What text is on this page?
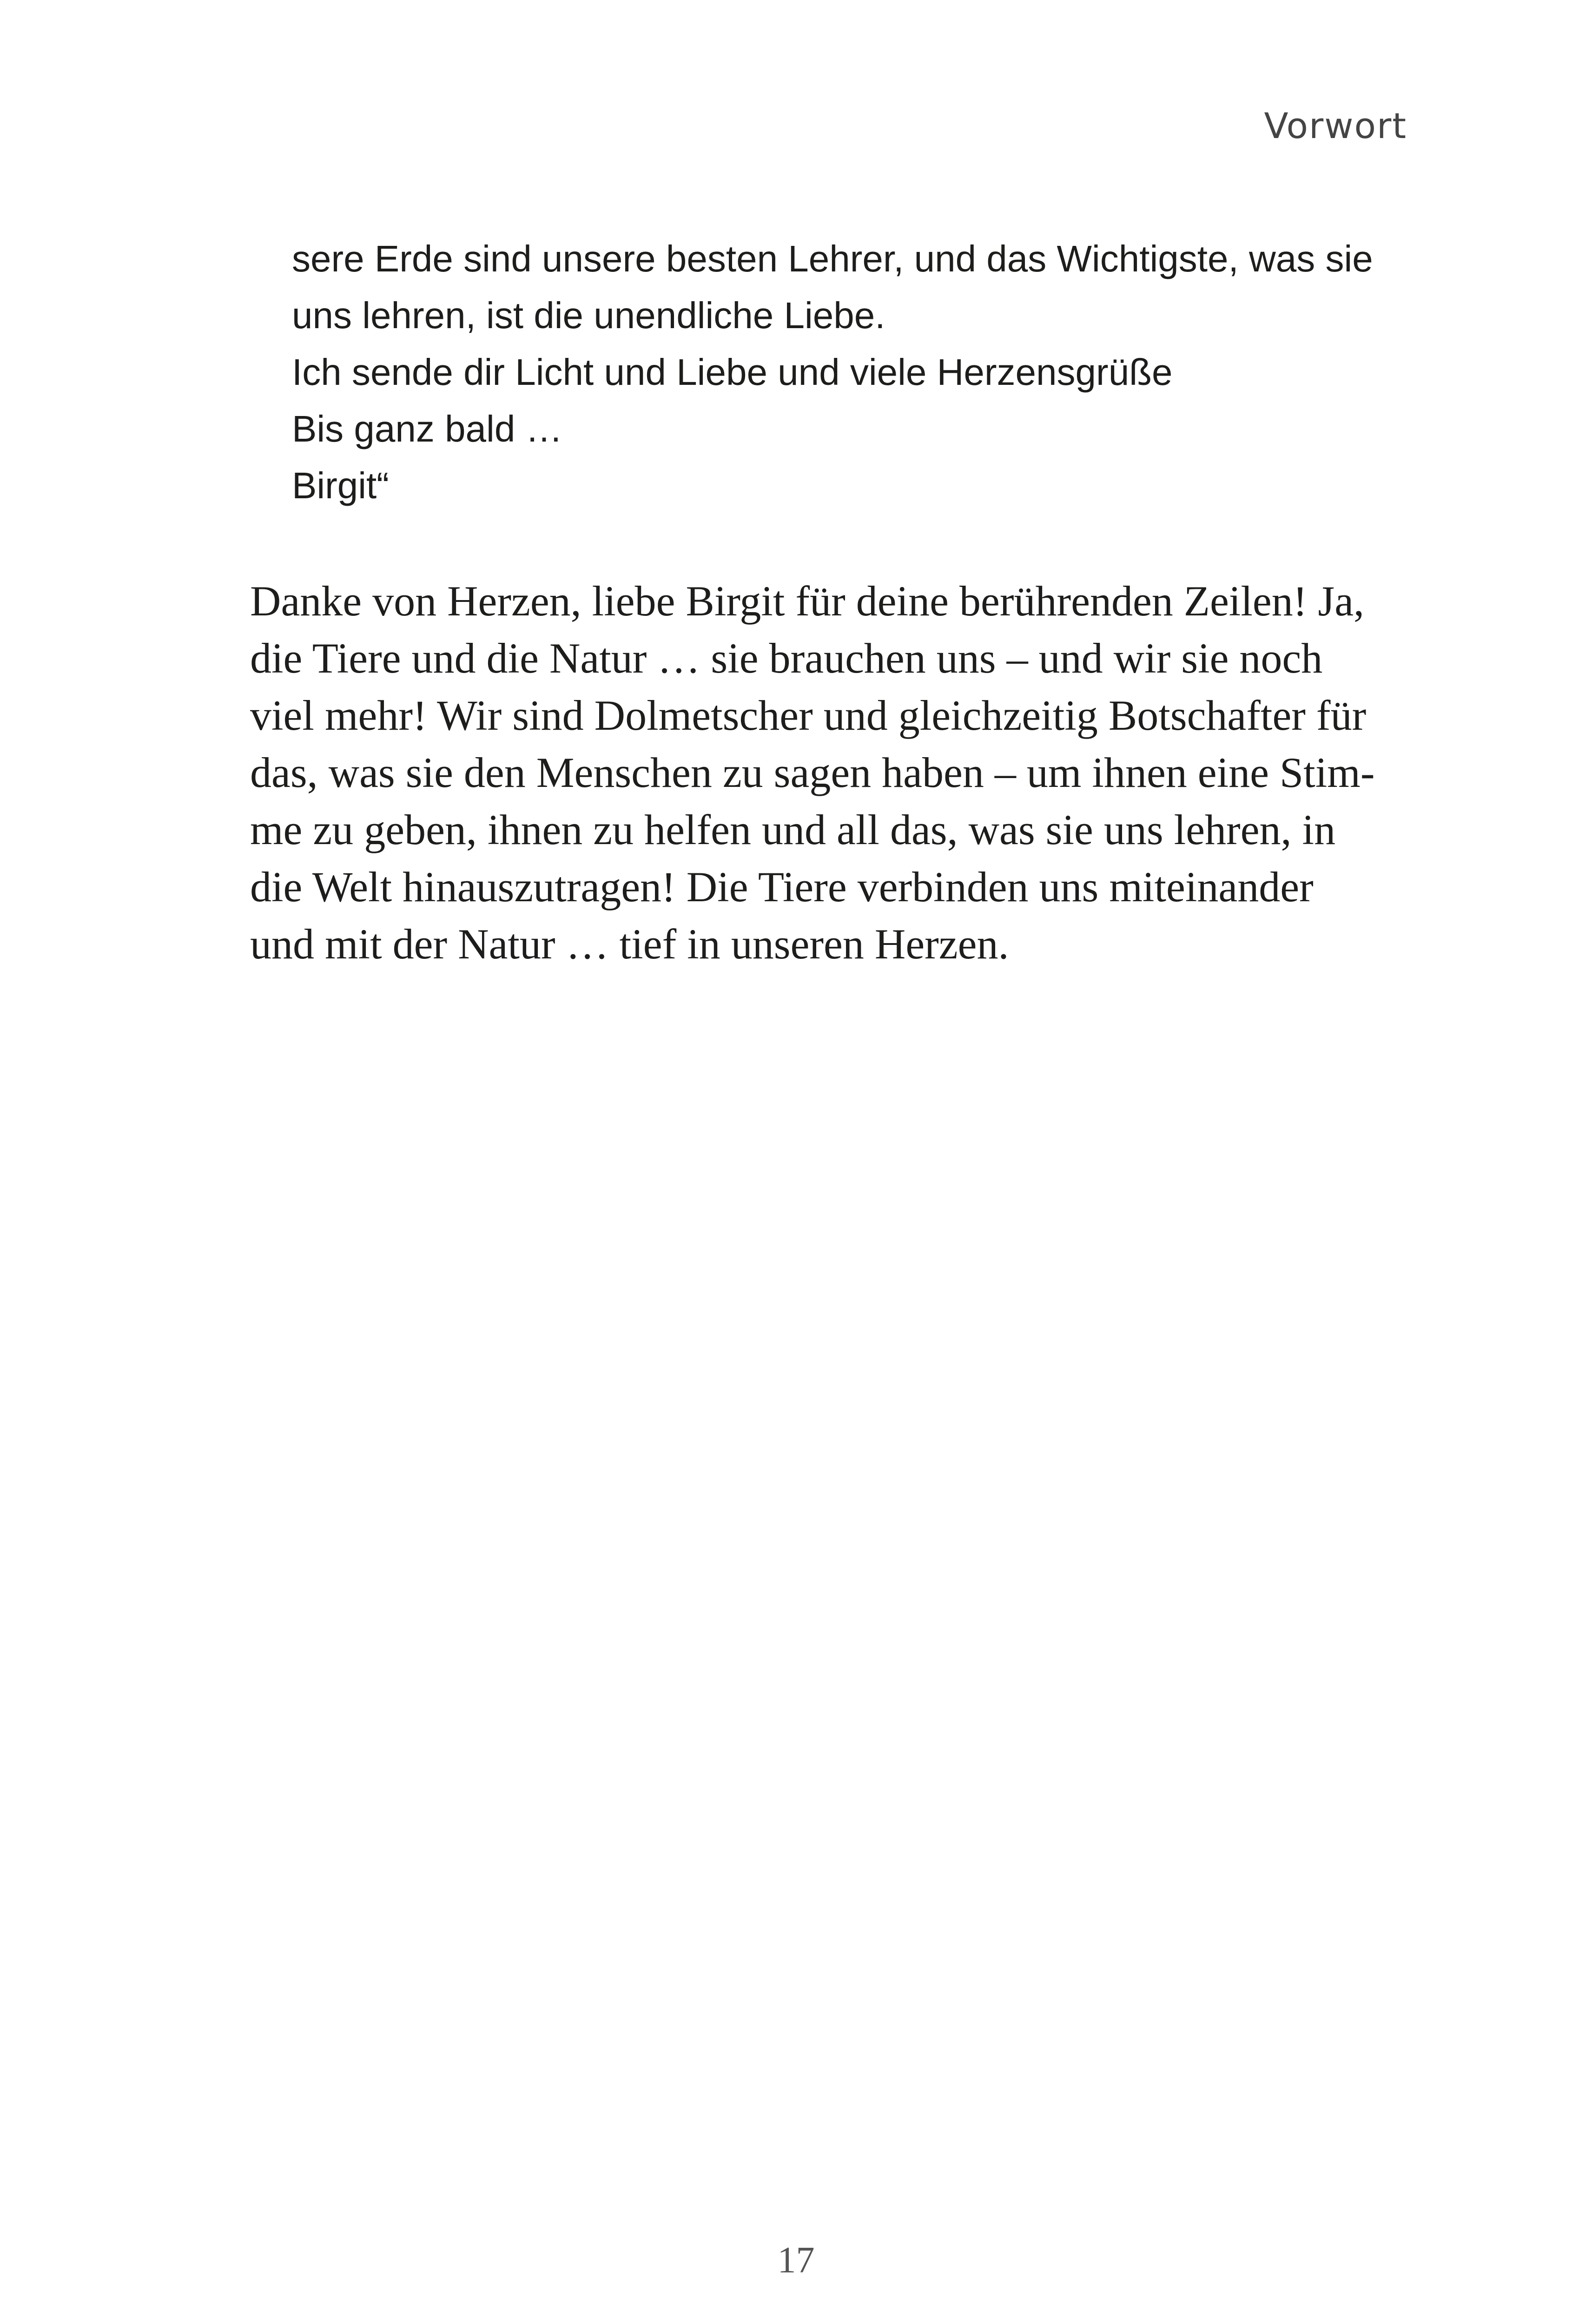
Vorwort

sere Erde sind unsere besten Lehrer, und das Wichtigste, was sie

uns lehren, ist die unendliche Liebe.

Ich sende dir Licht und Liebe und viele Herzensgrüße

Bis ganz bald …

Birgit“

Danke von Herzen, liebe Birgit für deine berührenden Zeilen! Ja,
die Tiere und die Natur … sie brauchen uns – und wir sie noch
viel mehr! Wir sind Dolmetscher und gleichzeitig Botschafter für
das, was sie den Menschen zu sagen haben – um ihnen eine Stim-
me zu geben, ihnen zu helfen und all das, was sie uns lehren, in
die Welt hinauszutragen! Die Tiere verbinden uns miteinander
und mit der Natur … tief in unseren Herzen.
17
